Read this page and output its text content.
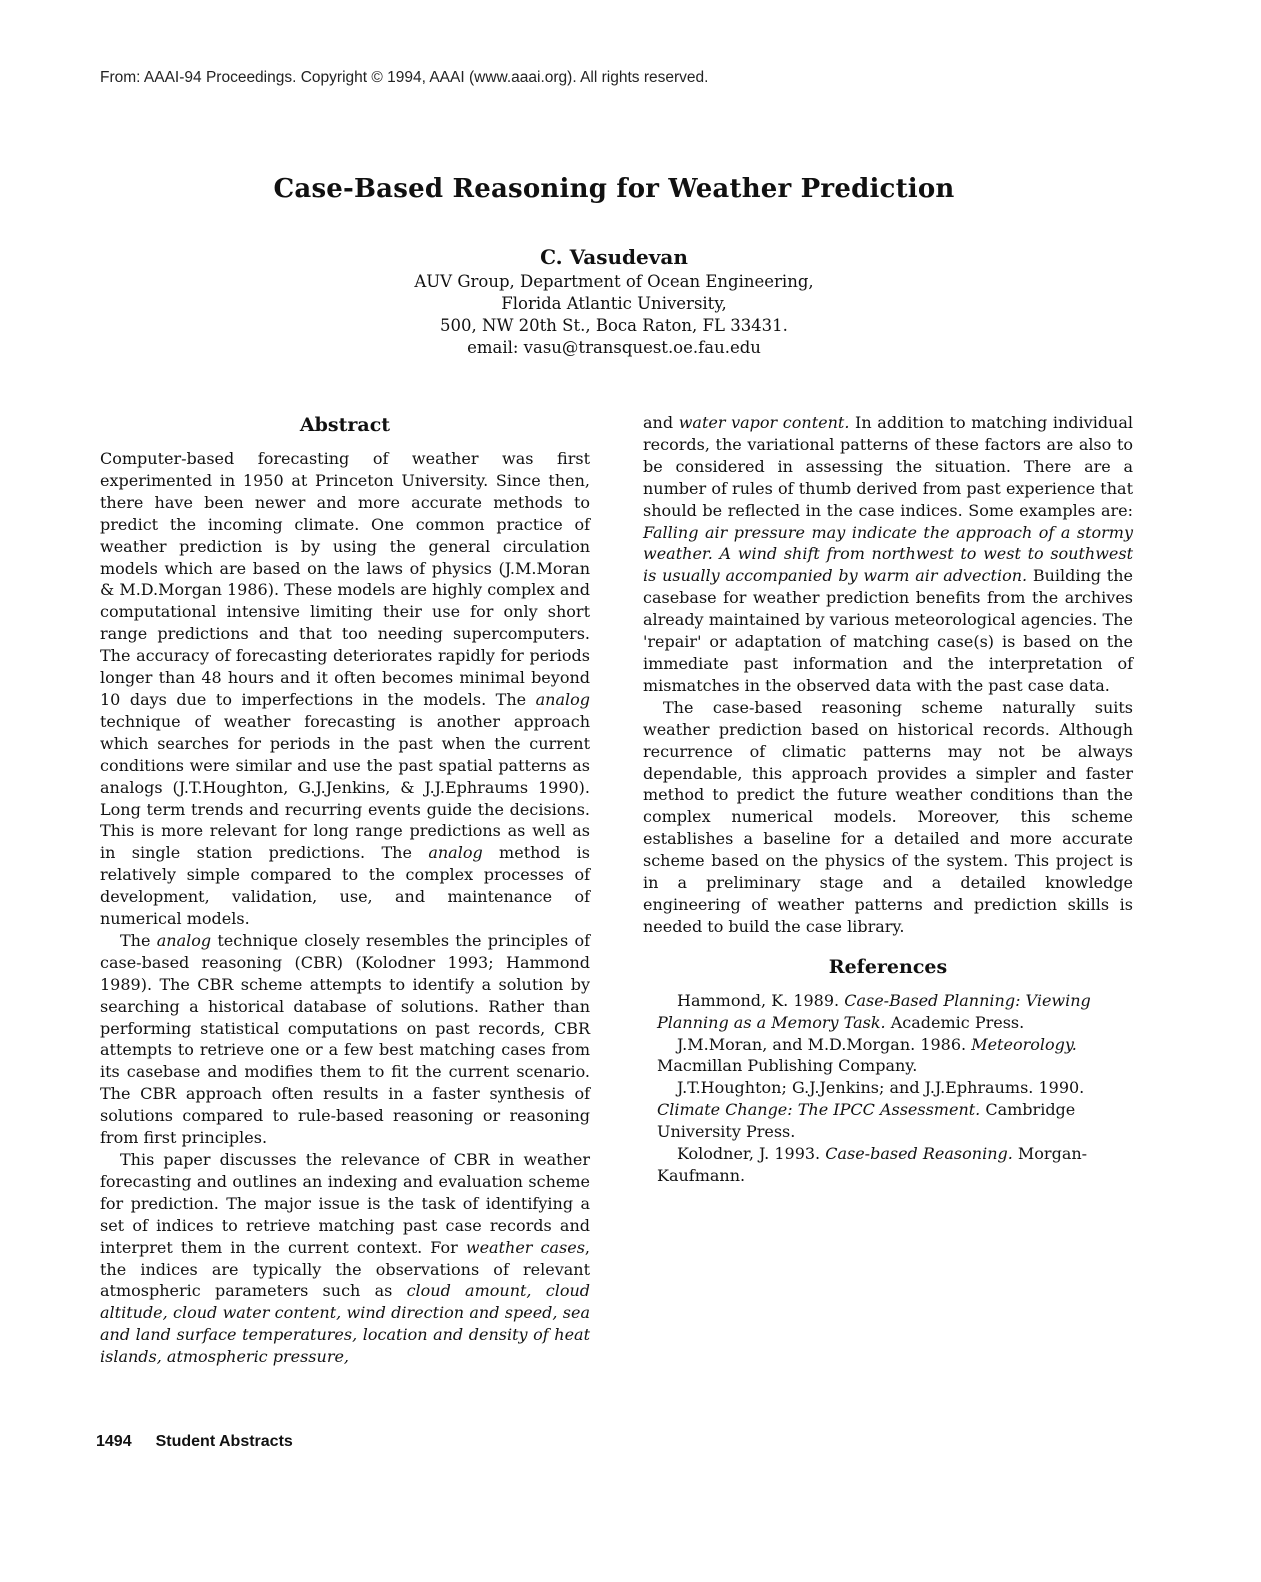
From: AAAI-94 Proceedings. Copyright © 1994, AAAI (www.aaai.org). All rights reserved.
Case-Based Reasoning for Weather Prediction
C. Vasudevan
AUV Group, Department of Ocean Engineering,
Florida Atlantic University,
500, NW 20th St., Boca Raton, FL 33431.
email: vasu@transquest.oe.fau.edu
Abstract

Computer-based forecasting of weather was first experimented in 1950 at Princeton University. Since then, there have been newer and more accurate methods to predict the incoming climate. One common practice of weather prediction is by using the general circulation models which are based on the laws of physics (J.M.Moran & M.D.Morgan 1986). These models are highly complex and computational intensive limiting their use for only short range predictions and that too needing supercomputers. The accuracy of forecasting deteriorates rapidly for periods longer than 48 hours and it often becomes minimal beyond 10 days due to imperfections in the models. The analog technique of weather forecasting is another approach which searches for periods in the past when the current conditions were similar and use the past spatial patterns as analogs (J.T.Houghton, G.J.Jenkins, & J.J.Ephraums 1990). Long term trends and recurring events guide the decisions. This is more relevant for long range predictions as well as in single station predictions. The analog method is relatively simple compared to the complex processes of development, validation, use, and maintenance of numerical models.

The analog technique closely resembles the principles of case-based reasoning (CBR) (Kolodner 1993; Hammond 1989). The CBR scheme attempts to identify a solution by searching a historical database of solutions. Rather than performing statistical computations on past records, CBR attempts to retrieve one or a few best matching cases from its casebase and modifies them to fit the current scenario. The CBR approach often results in a faster synthesis of solutions compared to rule-based reasoning or reasoning from first principles.

This paper discusses the relevance of CBR in weather forecasting and outlines an indexing and evaluation scheme for prediction. The major issue is the task of identifying a set of indices to retrieve matching past case records and interpret them in the current context. For weather cases, the indices are typically the observations of relevant atmospheric parameters such as cloud amount, cloud altitude, cloud water content, wind direction and speed, sea and land surface temperatures, location and density of heat islands, atmospheric pressure,

and water vapor content. In addition to matching individual records, the variational patterns of these factors are also to be considered in assessing the situation. There are a number of rules of thumb derived from past experience that should be reflected in the case indices. Some examples are: Falling air pressure may indicate the approach of a stormy weather. A wind shift from northwest to west to southwest is usually accompanied by warm air advection. Building the casebase for weather prediction benefits from the archives already maintained by various meteorological agencies. The 'repair' or adaptation of matching case(s) is based on the immediate past information and the interpretation of mismatches in the observed data with the past case data.

The case-based reasoning scheme naturally suits weather prediction based on historical records. Although recurrence of climatic patterns may not be always dependable, this approach provides a simpler and faster method to predict the future weather conditions than the complex numerical models. Moreover, this scheme establishes a baseline for a detailed and more accurate scheme based on the physics of the system. This project is in a preliminary stage and a detailed knowledge engineering of weather patterns and prediction skills is needed to build the case library.

References

Hammond, K. 1989. Case-Based Planning: Viewing Planning as a Memory Task. Academic Press.

J.M.Moran, and M.D.Morgan. 1986. Meteorology. Macmillan Publishing Company.

J.T.Houghton; G.J.Jenkins; and J.J.Ephraums. 1990. Climate Change: The IPCC Assessment. Cambridge University Press.

Kolodner, J. 1993. Case-based Reasoning. Morgan-Kaufmann.

1494 Student Abstracts
